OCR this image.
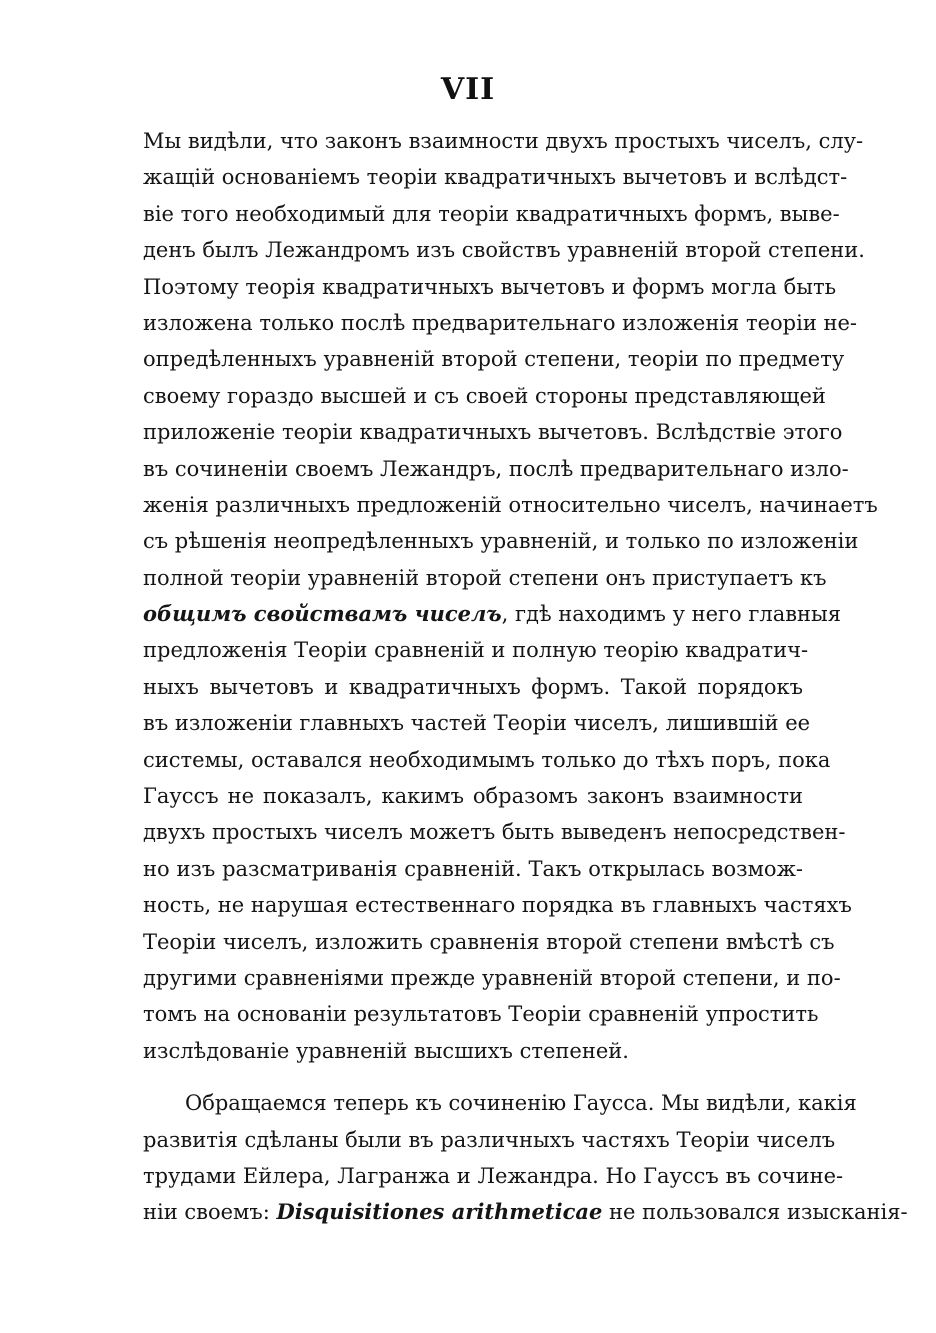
VII
Мы видѣли, что законъ взаимности двухъ простыхъ чиселъ, слу-
жащій основаніемъ теоріи квадратичныхъ вычетовъ и вслѣдст-
віе того необходимый для теоріи квадратичныхъ формъ, выве-
денъ былъ Лежандромъ изъ свойствъ уравненій второй степени.
Поэтому теорія квадратичныхъ вычетовъ и формъ могла быть
изложена только послѣ предварительнаго изложенія теоріи не-
опредѣленныхъ уравненій второй степени, теоріи по предмету
своему гораздо высшей и съ своей стороны представляющей
приложеніе теоріи квадратичныхъ вычетовъ. Вслѣдствіе этого
въ сочиненіи своемъ Лежандръ, послѣ предварительнаго изло-
женія различныхъ предложеній относительно чиселъ, начинаетъ
съ рѣшенія неопредѣленныхъ уравненій, и только по изложеніи
полной теоріи уравненій второй степени онъ приступаетъ къ
общимъ свойствамъ чиселъ, гдѣ находимъ у него главныя
предложенія Теоріи сравненій и полную теорію квадратич-
ныхъ вычетовъ и квадратичныхъ формъ. Такой порядокъ
въ изложеніи главныхъ частей Теоріи чиселъ, лишившій ее
системы, оставался необходимымъ только до тѣхъ поръ, пока
Гауссъ не показалъ, какимъ образомъ законъ взаимности
двухъ простыхъ чиселъ можетъ быть выведенъ непосредствен-
но изъ разсматриванія сравненій. Такъ открылась возмож-
ность, не нарушая естественнаго порядка въ главныхъ частяхъ
Теоріи чиселъ, изложить сравненія второй степени вмѣстѣ съ
другими сравненіями прежде уравненій второй степени, и по-
томъ на основаніи результатовъ Теоріи сравненій упростить
изслѣдованіе уравненій высшихъ степеней.
Обращаемся теперь къ сочиненію Гаусса. Мы видѣли, какія
развитія сдѣланы были въ различныхъ частяхъ Теоріи чиселъ
трудами Ейлера, Лагранжа и Лежандра. Но Гауссъ въ сочине-
ніи своемъ: Disquisitiones arithmeticae не пользовался изысканія-
